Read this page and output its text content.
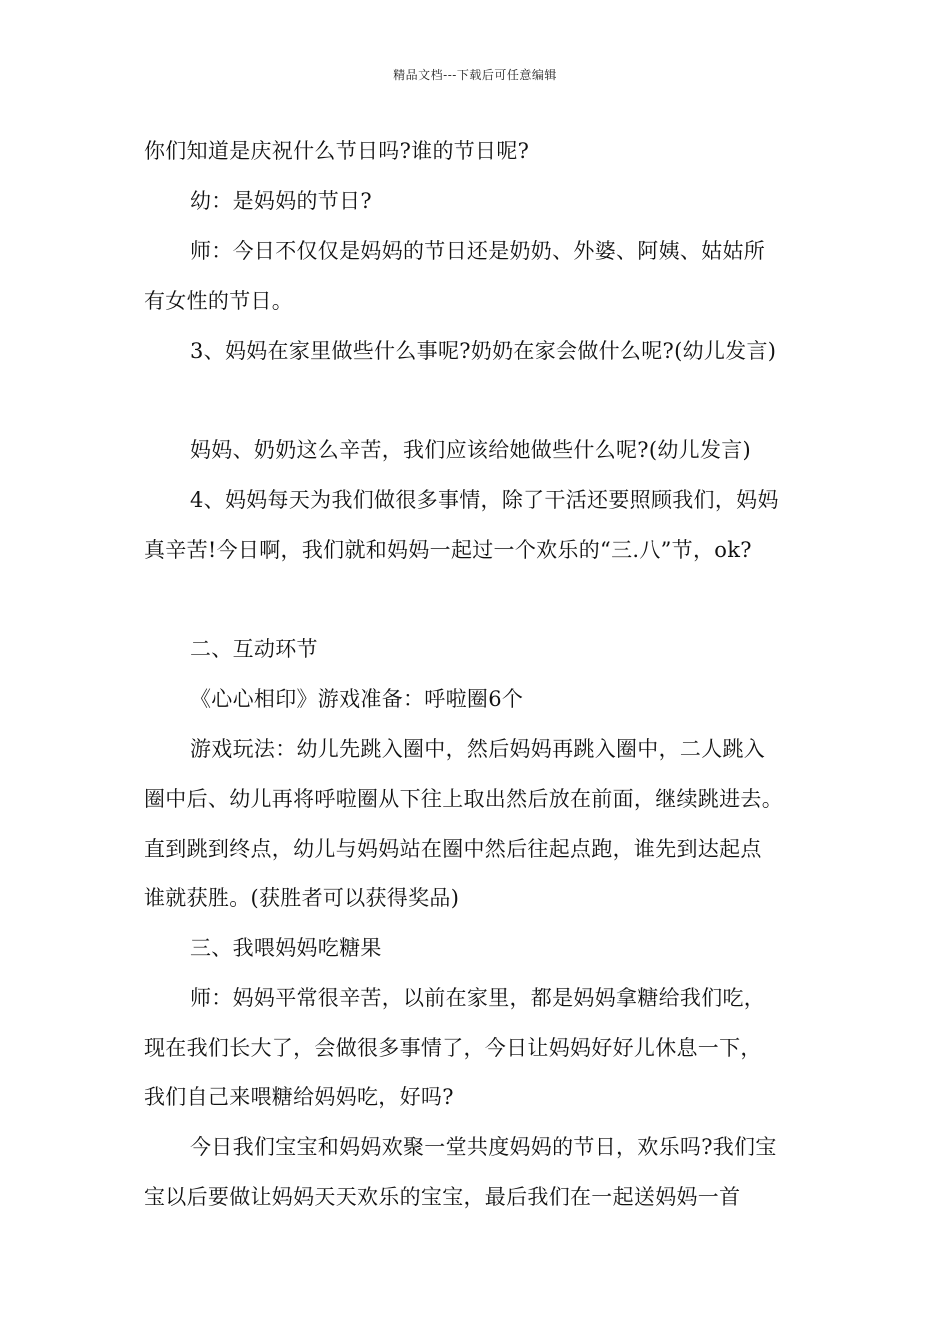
精品文档---下载后可任意编辑
你们知道是庆祝什么节日吗?谁的节日呢?
幼：是妈妈的节日?
师：今日不仅仅是妈妈的节日还是奶奶、外婆、阿姨、姑姑所
有女性的节日。
3、妈妈在家里做些什么事呢?奶奶在家会做什么呢?(幼儿发言)
妈妈、奶奶这么辛苦，我们应该给她做些什么呢?(幼儿发言)
4、妈妈每天为我们做很多事情，除了干活还要照顾我们，妈妈
真辛苦!今日啊，我们就和妈妈一起过一个欢乐的“三.八”节，ok?
二、互动环节
《心心相印》游戏准备：呼啦圈6个
游戏玩法：幼儿先跳入圈中，然后妈妈再跳入圈中，二人跳入
圈中后、幼儿再将呼啦圈从下往上取出然后放在前面，继续跳进去。
直到跳到终点，幼儿与妈妈站在圈中然后往起点跑，谁先到达起点
谁就获胜。(获胜者可以获得奖品)
三、我喂妈妈吃糖果
师：妈妈平常很辛苦，以前在家里，都是妈妈拿糖给我们吃，
现在我们长大了，会做很多事情了，今日让妈妈好好儿休息一下，
我们自己来喂糖给妈妈吃，好吗?
今日我们宝宝和妈妈欢聚一堂共度妈妈的节日，欢乐吗?我们宝
宝以后要做让妈妈天天欢乐的宝宝，最后我们在一起送妈妈一首
